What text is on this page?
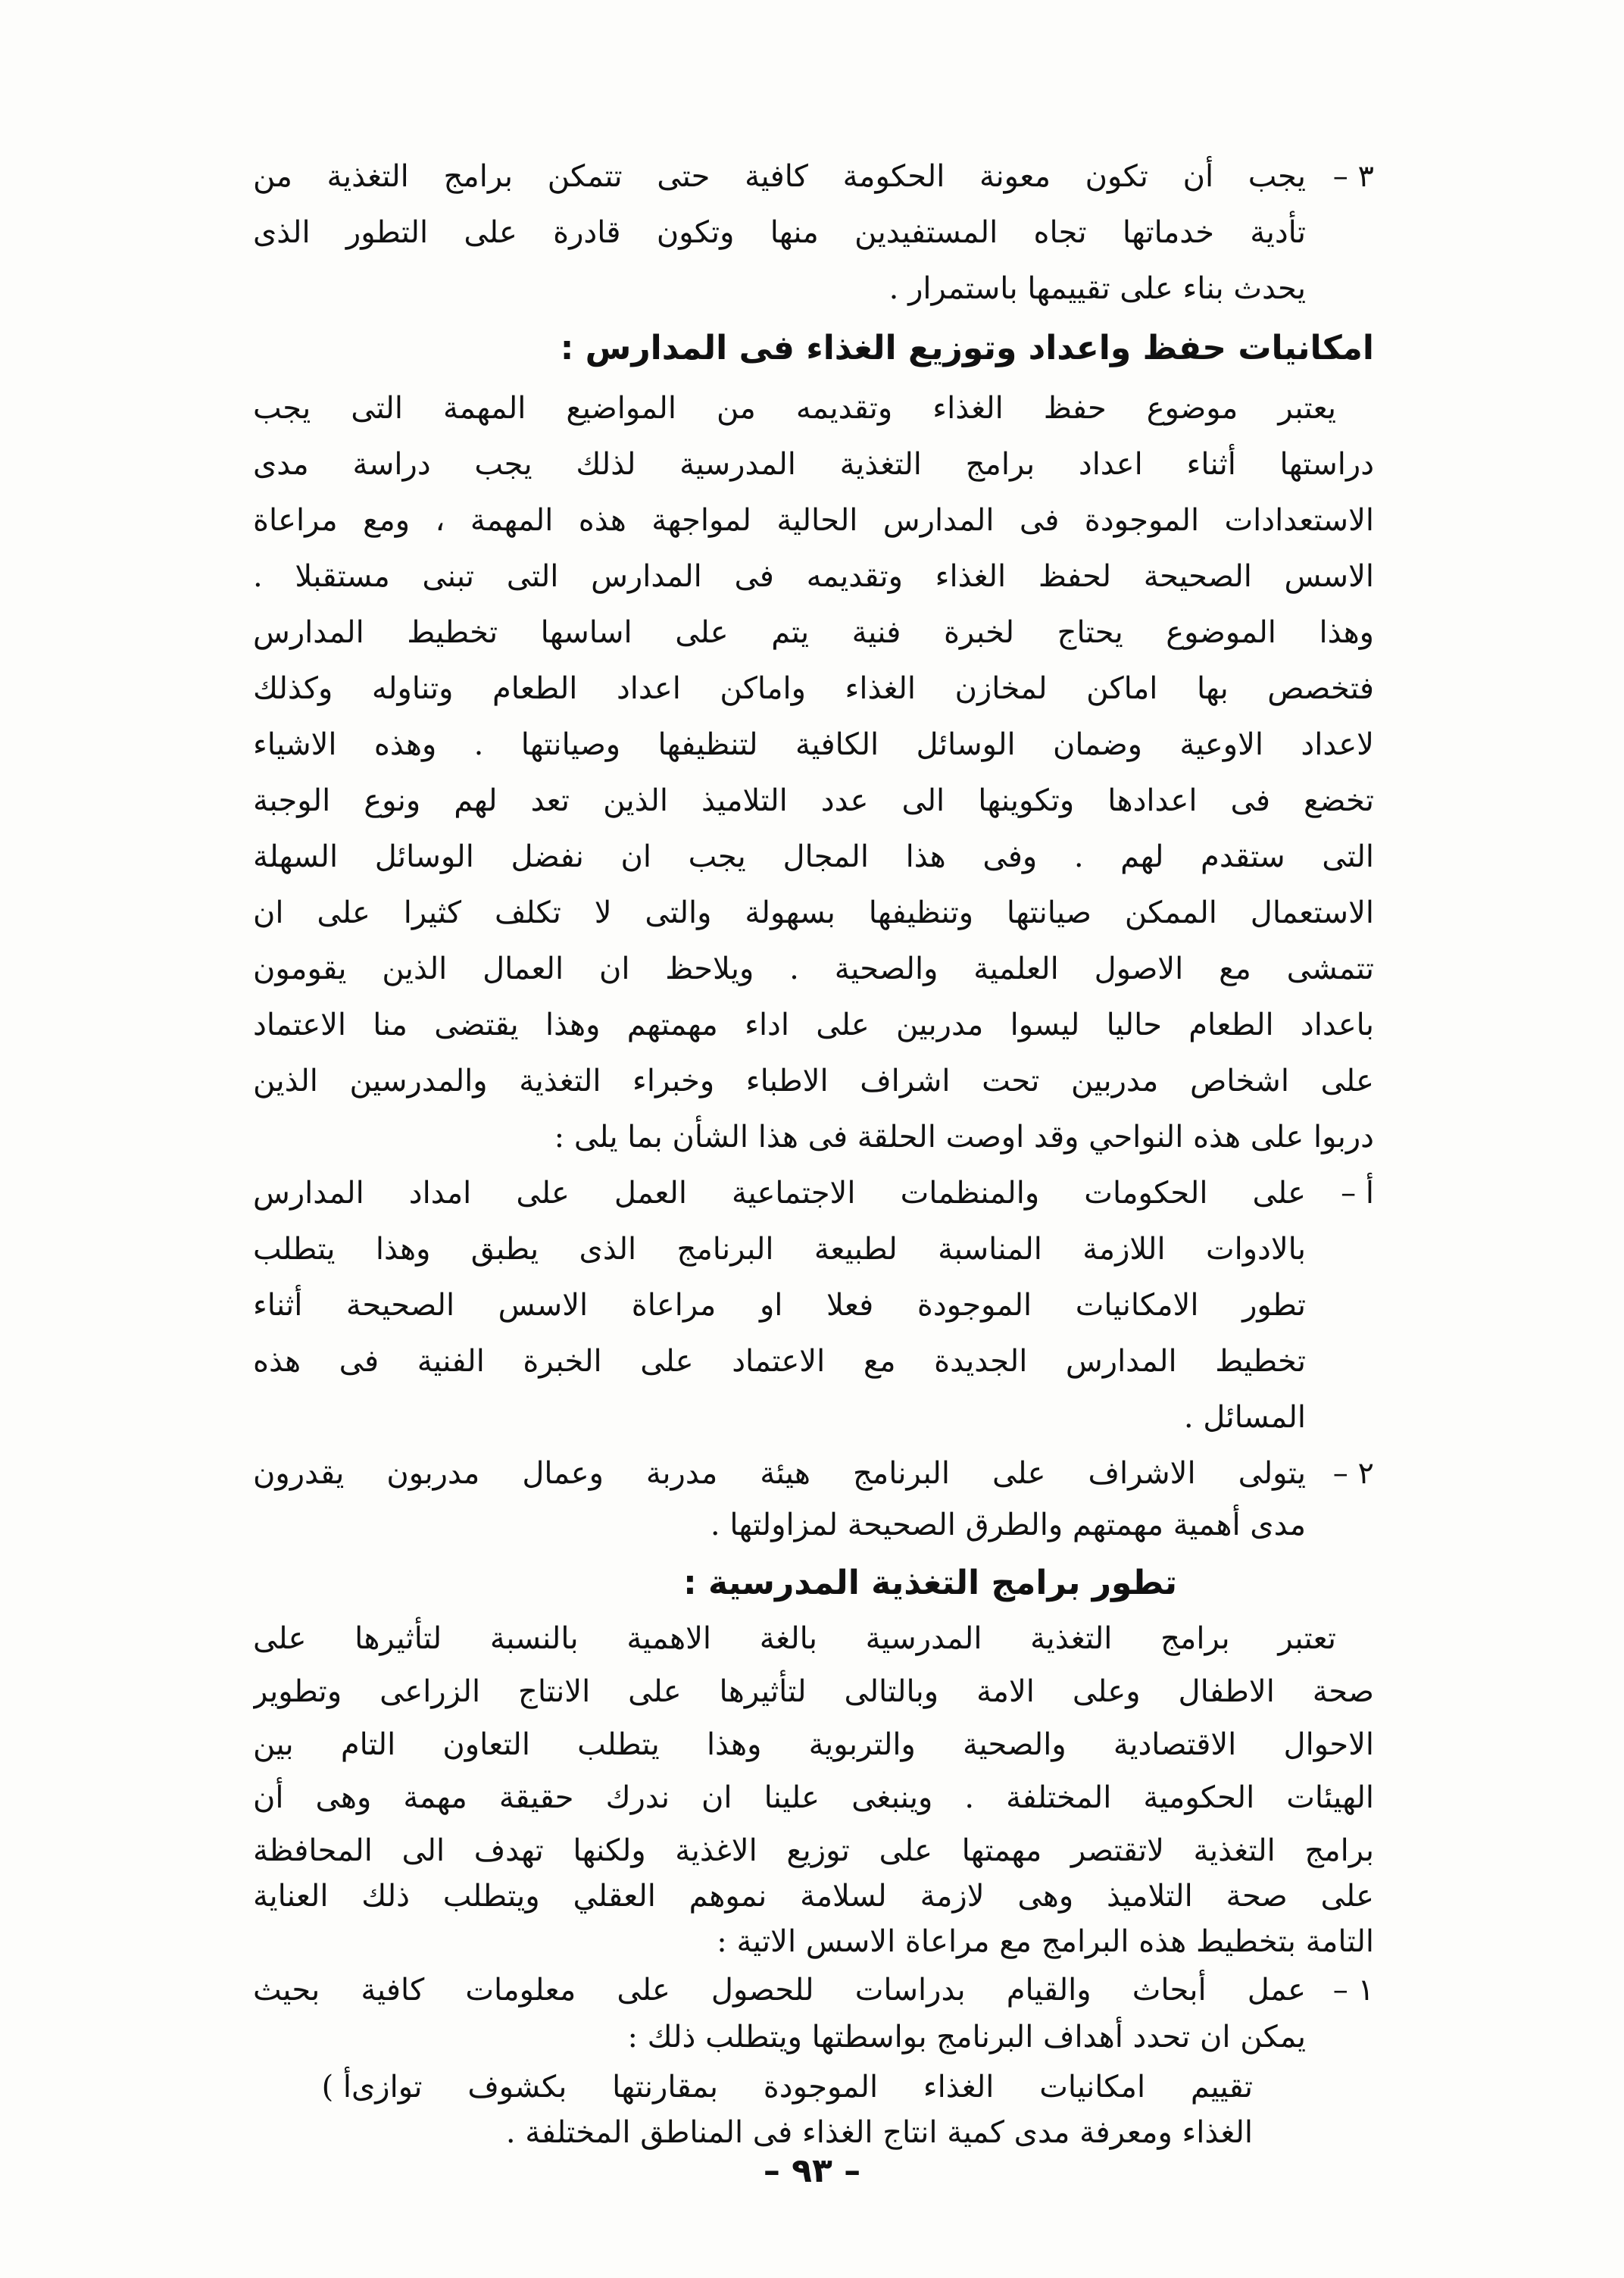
٣ –
يجب أن تكون معونة الحكومة كافية حتى تتمكن برامج التغذية من
تأدية خدماتها تجاه المستفيدين منها وتكون قادرة على التطور الذى
يحدث بناء على تقييمها باستمرار .
امكانيات حفظ واعداد وتوزيع الغذاء فى المدارس :
يعتبر موضوع حفظ الغذاء وتقديمه من المواضيع المهمة التى يجب
دراستها أثناء اعداد برامج التغذية المدرسية لذلك يجب دراسة مدى
الاستعدادات الموجودة فى المدارس الحالية لمواجهة هذه المهمة ، ومع مراعاة
الاسس الصحيحة لحفظ الغذاء وتقديمه فى المدارس التى تبنى مستقبلا .
وهذا الموضوع يحتاج لخبرة فنية يتم على اساسها تخطيط المدارس
فتخصص بها اماكن لمخازن الغذاء واماكن اعداد الطعام وتناوله وكذلك
لاعداد الاوعية وضمان الوسائل الكافية لتنظيفها وصيانتها . وهذه الاشياء
تخضع فى اعدادها وتكوينها الى عدد التلاميذ الذين تعد لهم ونوع الوجبة
التى ستقدم لهم . وفى هذا المجال يجب ان نفضل الوسائل السهلة
الاستعمال الممكن صيانتها وتنظيفها بسهولة والتى لا تكلف كثيرا على ان
تتمشى مع الاصول العلمية والصحية . ويلاحظ ان العمال الذين يقومون
باعداد الطعام حاليا ليسوا مدربين على اداء مهمتهم وهذا يقتضى منا الاعتماد
على اشخاص مدربين تحت اشراف الاطباء وخبراء التغذية والمدرسين الذين
دربوا على هذه النواحي وقد اوصت الحلقة فى هذا الشأن بما يلى :
أ –
على الحكومات والمنظمات الاجتماعية العمل على امداد المدارس
بالادوات اللازمة المناسبة لطبيعة البرنامج الذى يطبق وهذا يتطلب
تطور الامكانيات الموجودة فعلا او مراعاة الاسس الصحيحة أثناء
تخطيط المدارس الجديدة مع الاعتماد على الخبرة الفنية فى هذه
المسائل .
٢ –
يتولى الاشراف على البرنامج هيئة مدربة وعمال مدربون يقدرون
مدى أهمية مهمتهم والطرق الصحيحة لمزاولتها .
تطور برامج التغذية المدرسية :
تعتبر برامج التغذية المدرسية بالغة الاهمية بالنسبة لتأثيرها على
صحة الاطفال وعلى الامة وبالتالى لتأثيرها على الانتاج الزراعى وتطوير
الاحوال الاقتصادية والصحية والتربوية وهذا يتطلب التعاون التام بين
الهيئات الحكومية المختلفة . وينبغى علينا ان ندرك حقيقة مهمة وهى أن
برامج التغذية لاتقتصر مهمتها على توزيع الاغذية ولكنها تهدف الى المحافظة
على صحة التلاميذ وهى لازمة لسلامة نموهم العقلي ويتطلب ذلك العناية
التامة بتخطيط هذه البرامج مع مراعاة الاسس الاتية :
١ –
عمل أبحاث والقيام بدراسات للحصول على معلومات كافية بحيث
يمكن ان تحدد أهداف البرنامج بواسطتها ويتطلب ذلك :
أ ) تقييم امكانيات الغذاء الموجودة بمقارنتها بكشوف توازى
الغذاء ومعرفة مدى كمية انتاج الغذاء فى المناطق المختلفة .
– ٩٣ –
